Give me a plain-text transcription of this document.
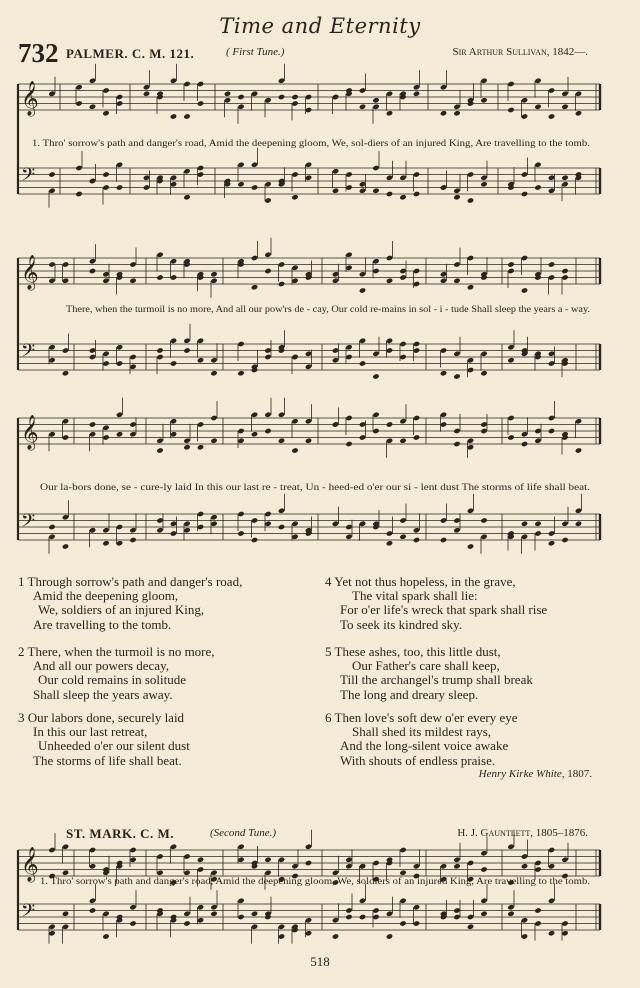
Time and Eternity
732 PALMER. C. M. 121.	( First Tune.)	Sir Arthur Sullivan, 1842—.
𝄞
𝄢
𝄞
𝄢
𝄞
𝄢
𝄞
𝄢
1. Thro' sorrow's path and danger's road, Amid the deepening gloom, We, sol-diers of an injured King, Are travelling to the tomb.
There, when the turmoil is no more, And all our pow'rs de - cay, Our cold re-mains in sol - i - tude Shall sleep the years a - way.
Our la-bors done, se - cure-ly laid In this our last re - treat, Un - heed-ed o'er our si - lent dust The storms of life shall beat.
1. Thro' sorrow's path and danger's road, Amid the deepening gloom, We, soldiers of an injured King, Are travelling to the tomb.
1 Through sorrow's path and danger's road,
Amid the deepening gloom,
We, soldiers of an injured King,
Are travelling to the tomb.
2 There, when the turmoil is no more,
And all our powers decay,
Our cold remains in solitude
Shall sleep the years away.
3 Our labors done, securely laid
In this our last retreat,
Unheeded o'er our silent dust
The storms of life shall beat.
4 Yet not thus hopeless, in the grave,
The vital spark shall lie:
For o'er life's wreck that spark shall rise
To seek its kindred sky.
5 These ashes, too, this little dust,
Our Father's care shall keep,
Till the archangel's trump shall break
The long and dreary sleep.
6 Then love's soft dew o'er every eye
Shall shed its mildest rays,
And the long-silent voice awake
With shouts of endless praise.
Henry Kirke White, 1807.
ST. MARK. C. M.	(Second Tune.)	H. J. Gauntlett, 1805–1876.
518
